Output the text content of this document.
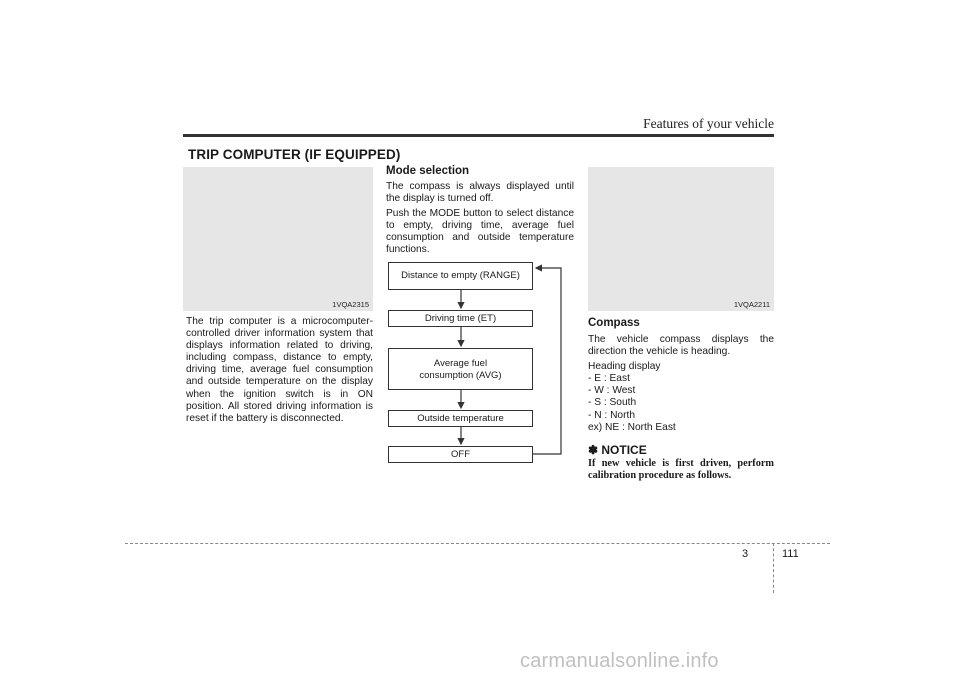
Features of your vehicle
TRIP COMPUTER (IF EQUIPPED)
1VQA2315
The trip computer is a microcomputer-controlled driver information system that displays information related to driving, including compass, distance to empty, driving time, average fuel consumption and outside temperature on the display when the ignition switch is in ON position. All stored driving information is reset if the battery is disconnected.
Mode selection

The compass is always displayed until the display is turned off.

Push the MODE button to select distance to empty, driving time, average fuel consumption and outside temperature functions.

Distance to empty (RANGE)
Driving time (ET)
Average fuel consumption (AVG)
Outside temperature
OFF
1VQA2211
Compass

The vehicle compass displays the direction the vehicle is heading.

Heading display
- E : East
- W : West
- S : South
- N : North
ex) NE : North East
✽ NOTICE
If new vehicle is first driven, perform calibration procedure as follows.
3	111
carmanualsonline.info
